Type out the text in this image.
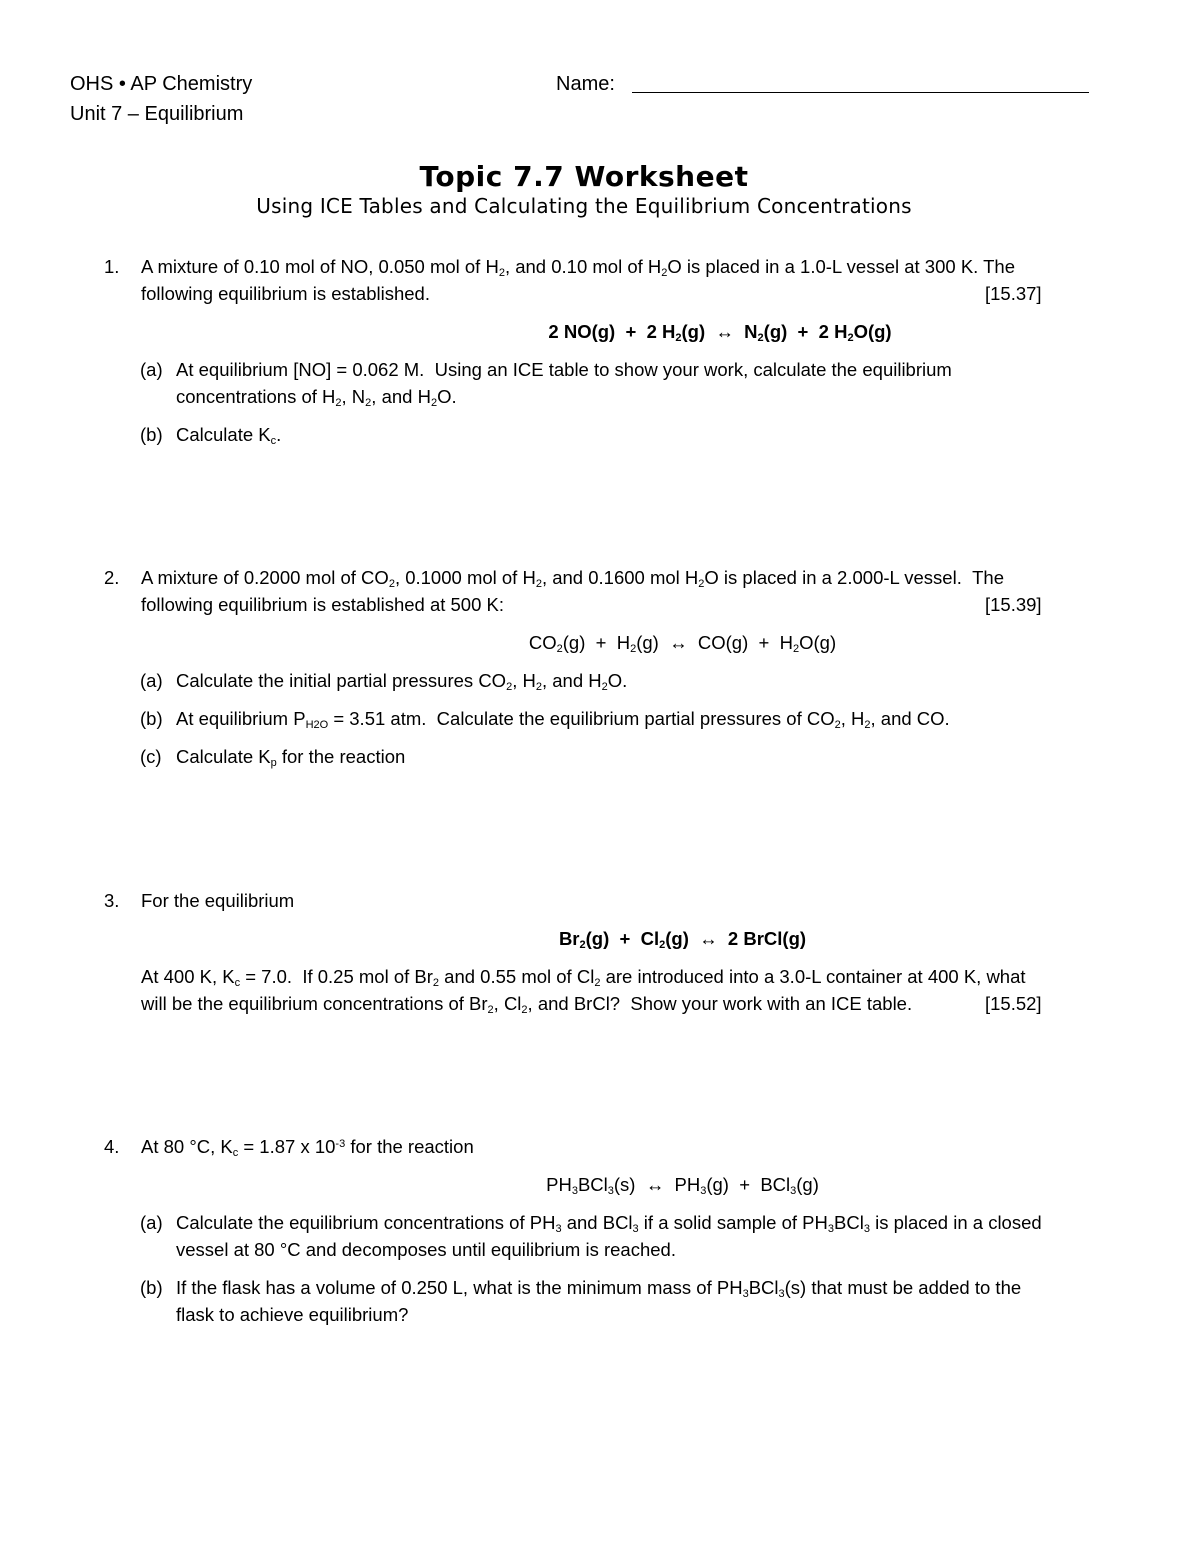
OHS • AP Chemistry
Unit 7 – Equilibrium
Name:
Topic 7.7 Worksheet
Using ICE Tables and Calculating the Equilibrium Concentrations
1. A mixture of 0.10 mol of NO, 0.050 mol of $H_2$, and 0.10 mol of $H_2O$ is placed in a 1.0-L vessel at 300 K. The
following equilibrium is established.	[15.37]
2 NO(g)  +  2 $H_2(g)$  ↔  $N_2(g) + 2$ $H_2O(g)$
(a) At equilibrium [NO] = 0.062 M.  Using an ICE table to show your work, calculate the equilibrium
concentrations of $H_2$, $N_2$, and $H_2O$.
(b) Calculate $K_c$.
2. A mixture of 0.2000 mol of $CO_2$, 0.1000 mol of $H_2$, and 0.1600 mol $H_2O$ is placed in a 2.000-L vessel.  The
following equilibrium is established at 500 K:	[15.39]
$CO_2(g) + H_2(g)$  ↔  $CO(g) + H_2O(g)$
(a) Calculate the initial partial pressures $CO_2$, $H_2$, and $H_2O$.
(b) At equilibrium $P_{H2O} = 3.51$ atm.  Calculate the equilibrium partial pressures of $CO_2$, $H_2$, and CO.
(c) Calculate $K_p$ for the reaction
3. For the equilibrium
$Br_2(g) + Cl_2(g)$  ↔  2 BrCl(g)
At 400 K, $K_c = 7.0$.  If 0.25 mol of $Br_2$ and 0.55 mol of $Cl_2$ are introduced into a 3.0-L container at 400 K, what
will be the equilibrium concentrations of $Br_2$, $Cl_2$, and BrCl?  Show your work with an ICE table.	[15.52]
4. At 80 °C, $K_c = 1.87$ x $10^{-3}$ for the reaction
$PH_3BCl_3(s)$  ↔  $PH_3(g) + BCl_3(g)$
(a) Calculate the equilibrium concentrations of $PH_3$ and BCl$_3$ if a solid sample of $PH_3BCl_3$ is placed in a closed
vessel at 80 °C and decomposes until equilibrium is reached.
(b) If the flask has a volume of 0.250 L, what is the minimum mass of $PH_3BCl_3(s)$ that must be added to the
flask to achieve equilibrium?
